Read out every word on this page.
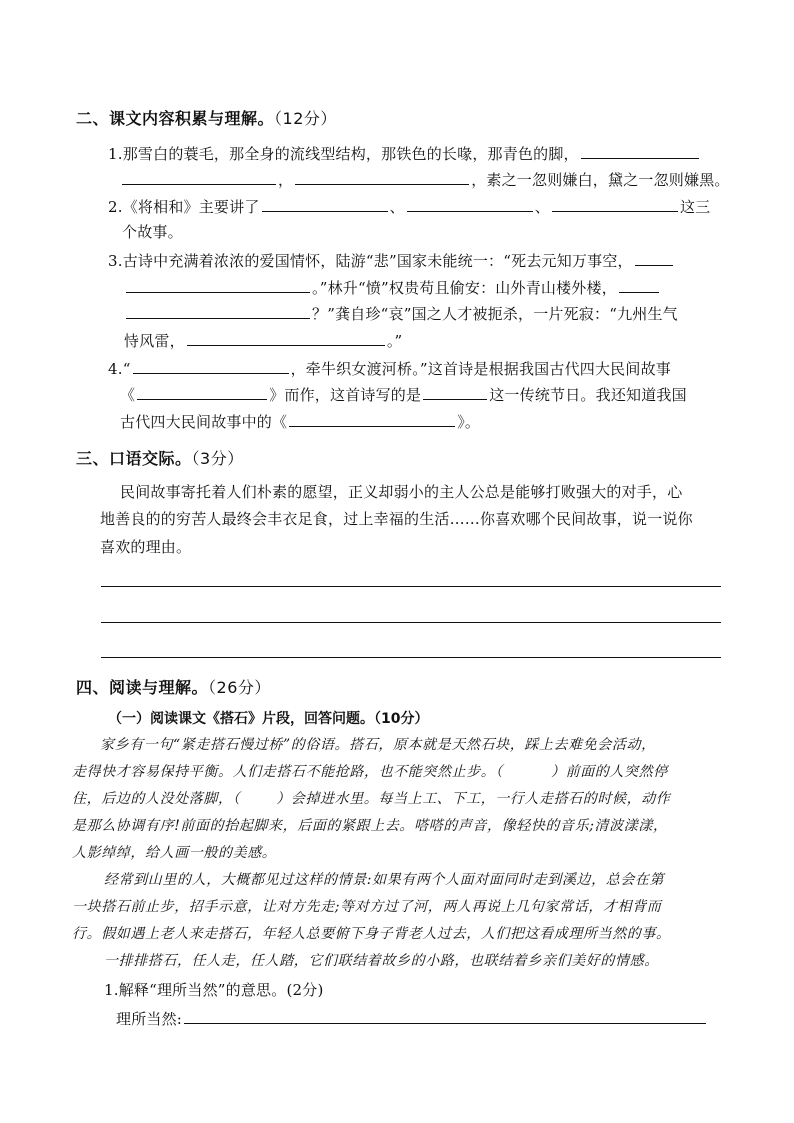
二、课文内容积累与理解。（12分）
1.那雪白的蓑毛，那全身的流线型结构，那铁色的长喙，那青色的脚，
，	，素之一忽则嫌白，黛之一忽则嫌黑。
2.《将相和》主要讲了	、	、	这三
个故事。
3.古诗中充满着浓浓的爱国情怀，陆游“悲”国家未能统一：“死去元知万事空，
。”林升“愤”权贵苟且偷安：山外青山楼外楼，
？”龚自珍“哀”国之人才被扼杀，一片死寂：“九州生气
恃风雷，	。”
4.“	，牵牛织女渡河桥。”这首诗是根据我国古代四大民间故事
《	》而作，这首诗写的是	这一传统节日。我还知道我国
古代四大民间故事中的《	》。
三、口语交际。（3分）
民间故事寄托着人们朴素的愿望，正义却弱小的主人公总是能够打败强大的对手，心
地善良的的穷苦人最终会丰衣足食，过上幸福的生活……你喜欢哪个民间故事，说一说你
喜欢的理由。
四、阅读与理解。（26分）
（一）阅读课文《搭石》片段，回答问题。（10分）
家乡有一句“紧走搭石慢过桥”的俗语。搭石，原本就是天然石块，踩上去难免会活动，
走得快才容易保持平衡。人们走搭石不能抢路，也不能突然止步。（	）前面的人突然停
住，后边的人没处落脚，（	）会掉进水里。每当上工、下工，一行人走搭石的时候，动作
是那么协调有序!前面的抬起脚来，后面的紧跟上去。嗒嗒的声音，像轻快的音乐;清波漾漾，
人影绰绰，给人画一般的美感。
经常到山里的人，大概都见过这样的情景:如果有两个人面对面同时走到溪边，总会在第
一块搭石前止步，招手示意，让对方先走;等对方过了河，两人再说上几句家常话，才相背而
行。假如遇上老人来走搭石，年轻人总要俯下身子背老人过去，人们把这看成理所当然的事。
一排排搭石，任人走，任人踏，它们联结着故乡的小路，也联结着乡亲们美好的情感。
1.解释“理所当然”的意思。(2分)
理所当然:
